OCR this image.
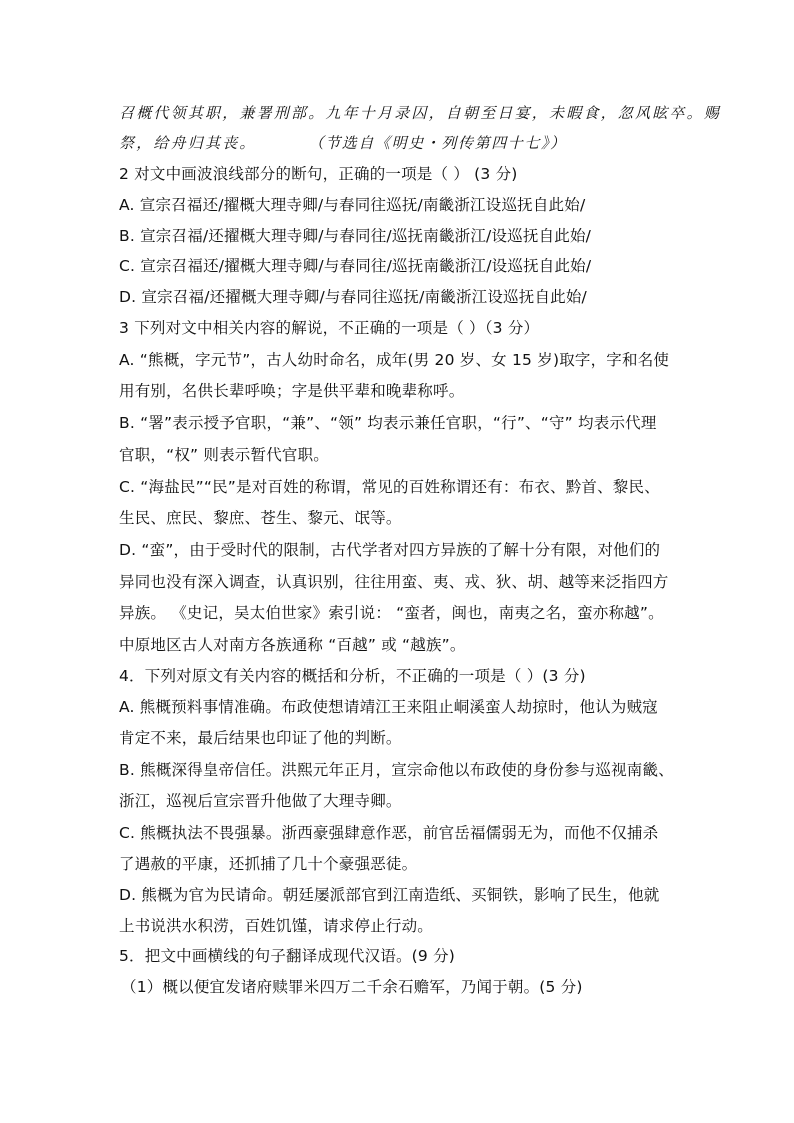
召概代领其职，兼署刑部。九年十月录囚，自朝至日宴，未暇食，忽风眩卒。赐
祭，给舟归其丧。	（节选自《明史・列传第四十七》）
2 对文中画波浪线部分的断句，正确的一项是（ ） (3 分)
A. 宣宗召福还/擢概大理寺卿/与春同往巡抚/南畿浙江设巡抚自此始/
B. 宣宗召福/还擢概大理寺卿/与春同往/巡抚南畿浙江/设巡抚自此始/
C. 宣宗召福还/擢概大理寺卿/与春同往/巡抚南畿浙江/设巡抚自此始/
D. 宣宗召福/还擢概大理寺卿/与春同往巡抚/南畿浙江设巡抚自此始/
3 下列对文中相关内容的解说，不正确的一项是（ ）（3 分）
A. “熊概，字元节”，古人幼时命名，成年(男 20 岁、女 15 岁)取字，字和名使
用有别，名供长辈呼唤；字是供平辈和晚辈称呼。
B. “署”表示授予官职，“兼”、“领” 均表示兼任官职，“行”、“守” 均表示代理
官职，“权” 则表示暂代官职。
C. “海盐民”“民”是对百姓的称谓，常见的百姓称谓还有：布衣、黔首、黎民、
生民、庶民、黎庶、苍生、黎元、氓等。
D. “蛮”，由于受时代的限制，古代学者对四方异族的了解十分有限，对他们的
异同也没有深入调查，认真识别，往往用蛮、夷、戎、狄、胡、越等来泛指四方
异族。 《史记，吴太伯世家》索引说： “蛮者，闽也，南夷之名，蛮亦称越”。
中原地区古人对南方各族通称 “百越” 或 “越族”。
4．下列对原文有关内容的概括和分析，不正确的一项是（ ）(3 分)
A. 熊概预料事情准确。布政使想请靖江王来阻止峒溪蛮人劫掠时，他认为贼寇
肯定不来，最后结果也印证了他的判断。
B. 熊概深得皇帝信任。洪熙元年正月，宣宗命他以布政使的身份参与巡视南畿、
浙江，巡视后宣宗晋升他做了大理寺卿。
C. 熊概执法不畏强暴。浙西豪强肆意作恶，前官岳福儒弱无为，而他不仅捕杀
了遇赦的平康，还抓捕了几十个豪强恶徒。
D. 熊概为官为民请命。朝廷屡派部官到江南造纸、买铜铁，影响了民生，他就
上书说洪水积涝，百姓饥馑，请求停止行动。
5．把文中画横线的句子翻译成现代汉语。(9 分)
（1）概以便宜发诸府赎罪米四万二千余石赡军，乃闻于朝。(5 分)
